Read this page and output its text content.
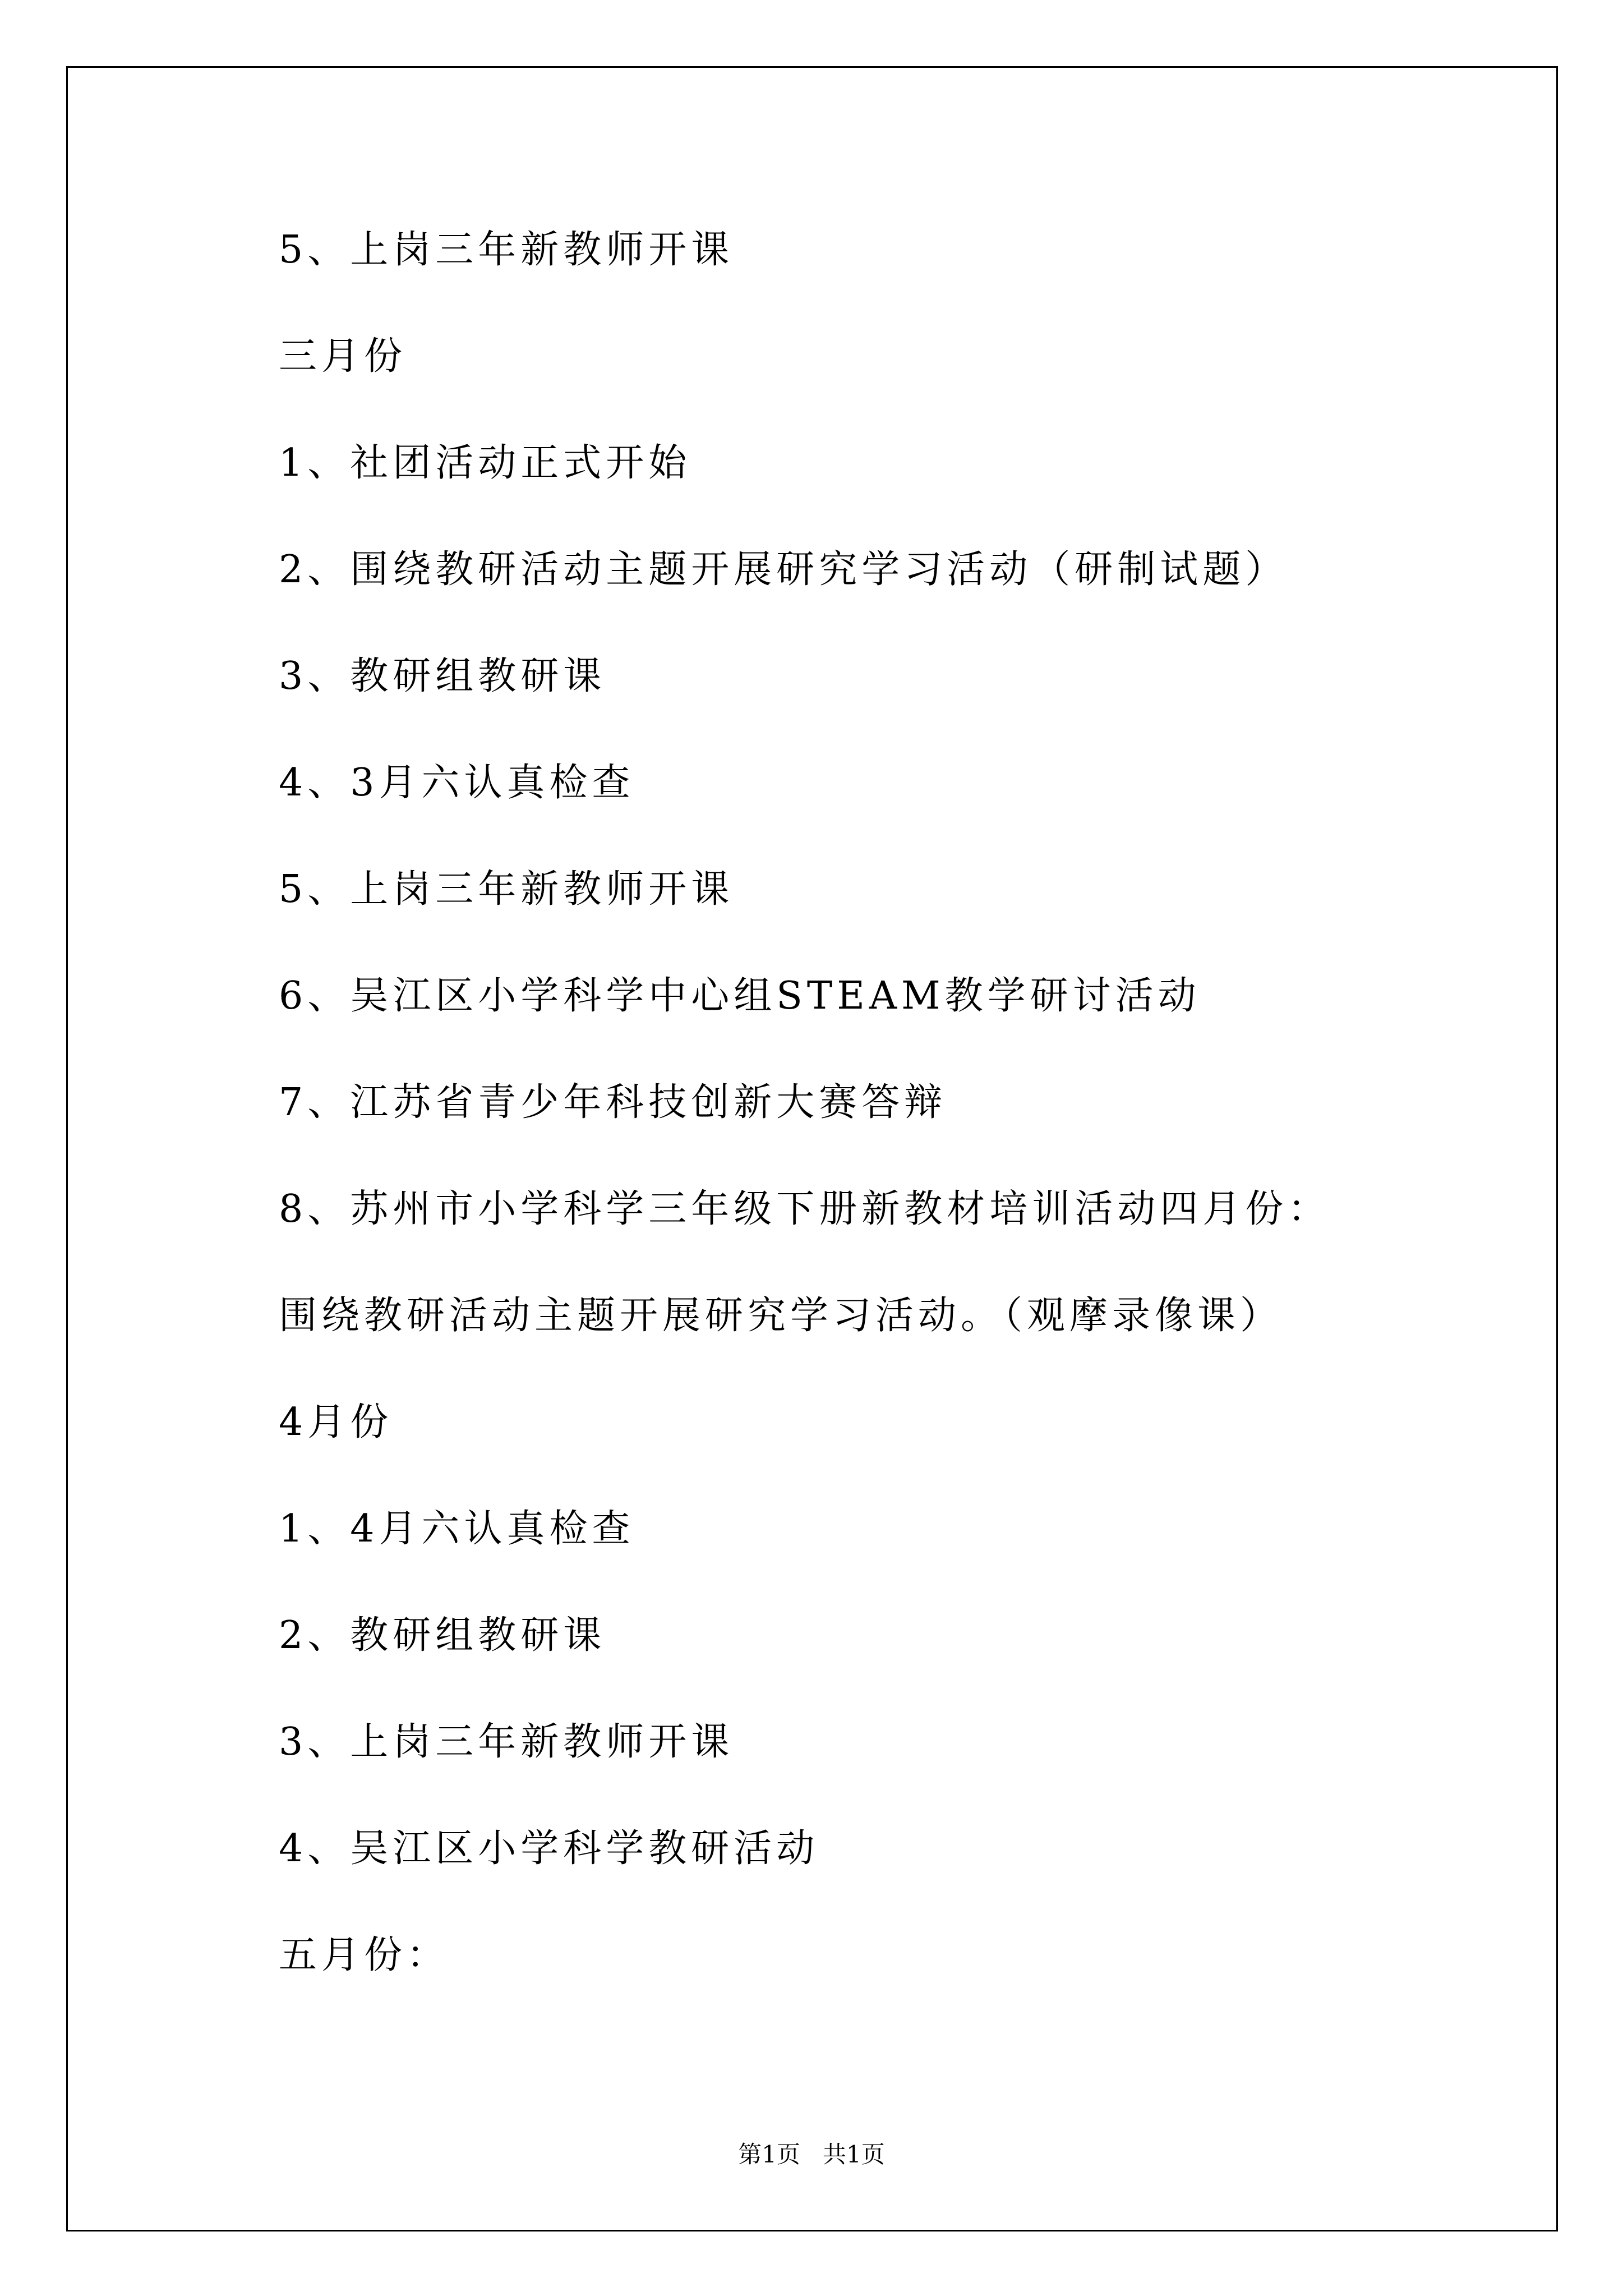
5、上岗三年新教师开课
三月份
1、社团活动正式开始
2、围绕教研活动主题开展研究学习活动（研制试题）
3、教研组教研课
4、3月六认真检查
5、上岗三年新教师开课
6、吴江区小学科学中心组STEAM教学研讨活动
7、江苏省青少年科技创新大赛答辩
8、苏州市小学科学三年级下册新教材培训活动四月份：
围绕教研活动主题开展研究学习活动。（观摩录像课）
4月份
1、4月六认真检查
2、教研组教研课
3、上岗三年新教师开课
4、吴江区小学科学教研活动
五月份：
第1页   共1页
